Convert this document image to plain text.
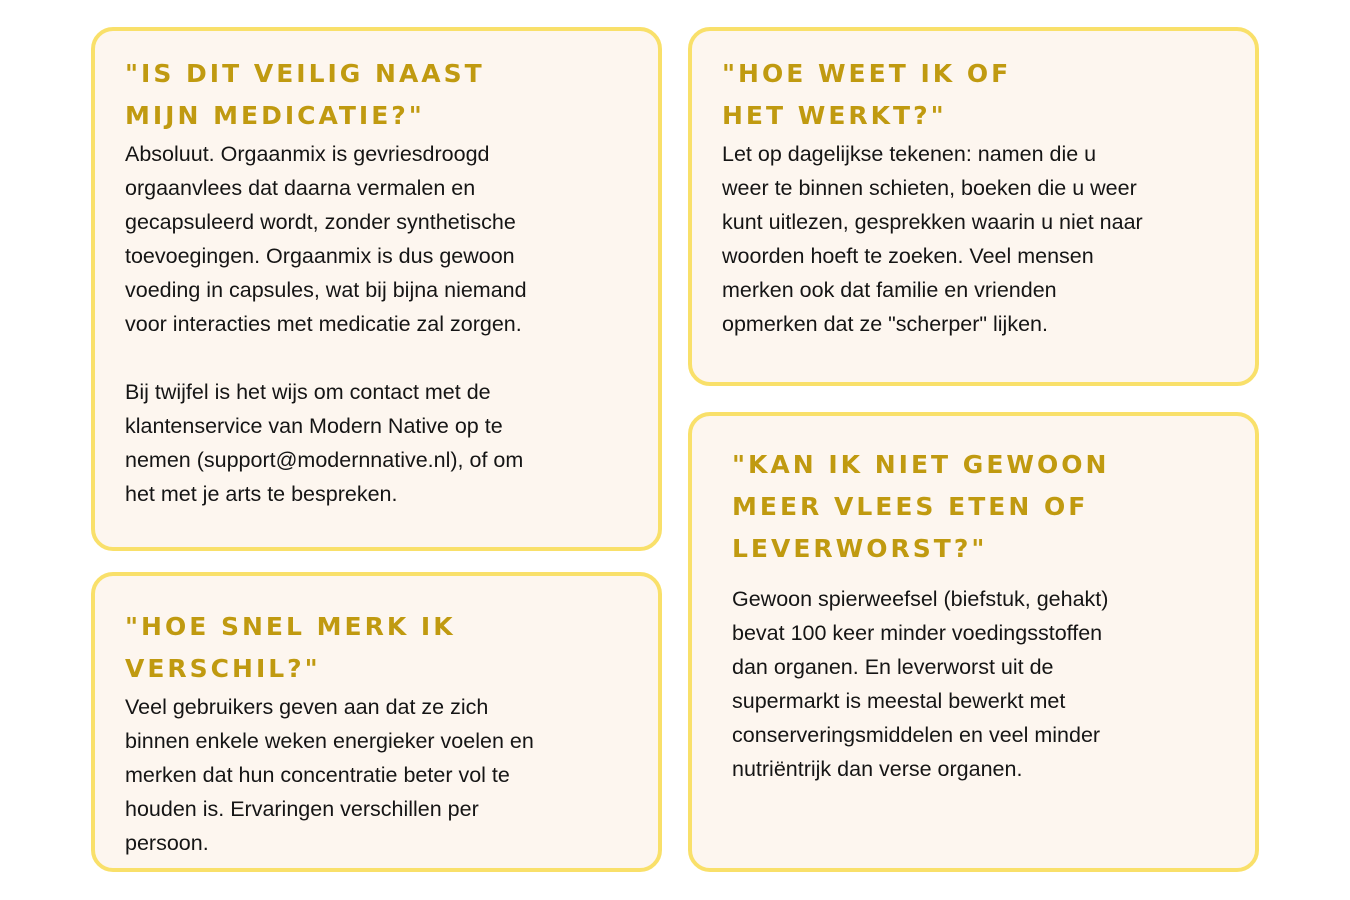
"IS DIT VEILIG NAAST
MIJN MEDICATIE?"

Absoluut. Orgaanmix is gevriesdroogd
orgaanvlees dat daarna vermalen en
gecapsuleerd wordt, zonder synthetische
toevoegingen. Orgaanmix is dus gewoon
voeding in capsules, wat bij bijna niemand
voor interacties met medicatie zal zorgen.

Bij twijfel is het wijs om contact met de
klantenservice van Modern Native op te
nemen (support@modernnative.nl), of om
het met je arts te bespreken.

"HOE SNEL MERK IK
VERSCHIL?"

Veel gebruikers geven aan dat ze zich
binnen enkele weken energieker voelen en
merken dat hun concentratie beter vol te
houden is. Ervaringen verschillen per
persoon.

"HOE WEET IK OF
HET WERKT?"

Let op dagelijkse tekenen: namen die u
weer te binnen schieten, boeken die u weer
kunt uitlezen, gesprekken waarin u niet naar
woorden hoeft te zoeken. Veel mensen
merken ook dat familie en vrienden
opmerken dat ze "scherper" lijken.

"KAN IK NIET GEWOON
MEER VLEES ETEN OF
LEVERWORST?"

Gewoon spierweefsel (biefstuk, gehakt)
bevat 100 keer minder voedingsstoffen
dan organen. En leverworst uit de
supermarkt is meestal bewerkt met
conserveringsmiddelen en veel minder
nutriëntrijk dan verse organen.
